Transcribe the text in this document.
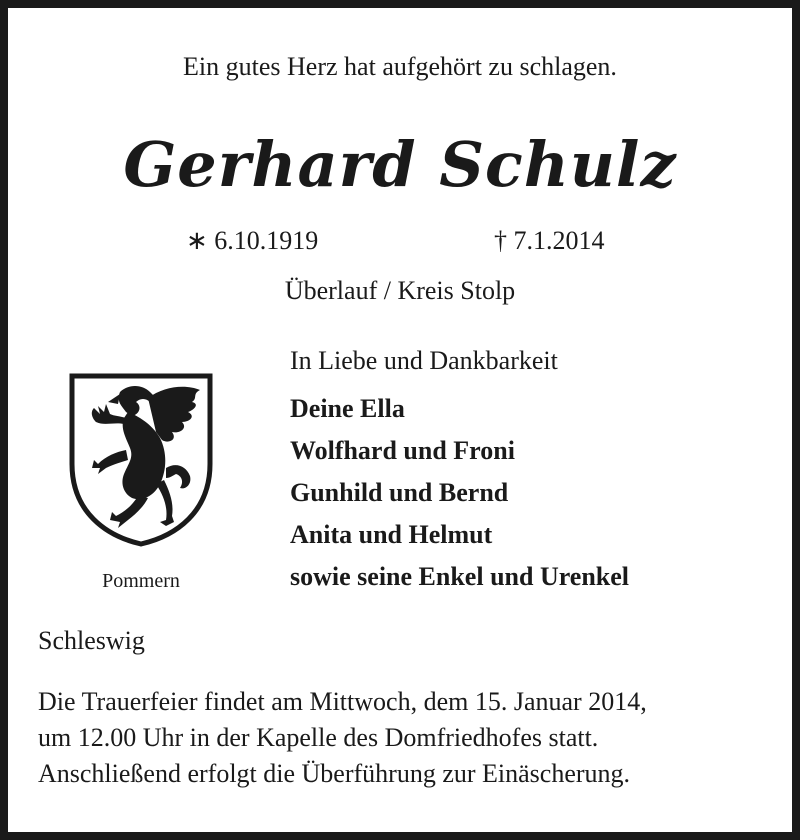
Ein gutes Herz hat aufgehört zu schlagen.
Gerhard Schulz
∗ 6.10.1919	† 7.1.2014
Überlauf / Kreis Stolp
Pommern
In Liebe und Dankbarkeit
Deine Ella
Wolfhard und Froni
Gunhild und Bernd
Anita und Helmut
sowie seine Enkel und Urenkel
Schleswig
Die Trauerfeier findet am Mittwoch, dem 15. Januar 2014,
um 12.00 Uhr in der Kapelle des Domfriedhofes statt.
Anschließend erfolgt die Überführung zur Einäscherung.
